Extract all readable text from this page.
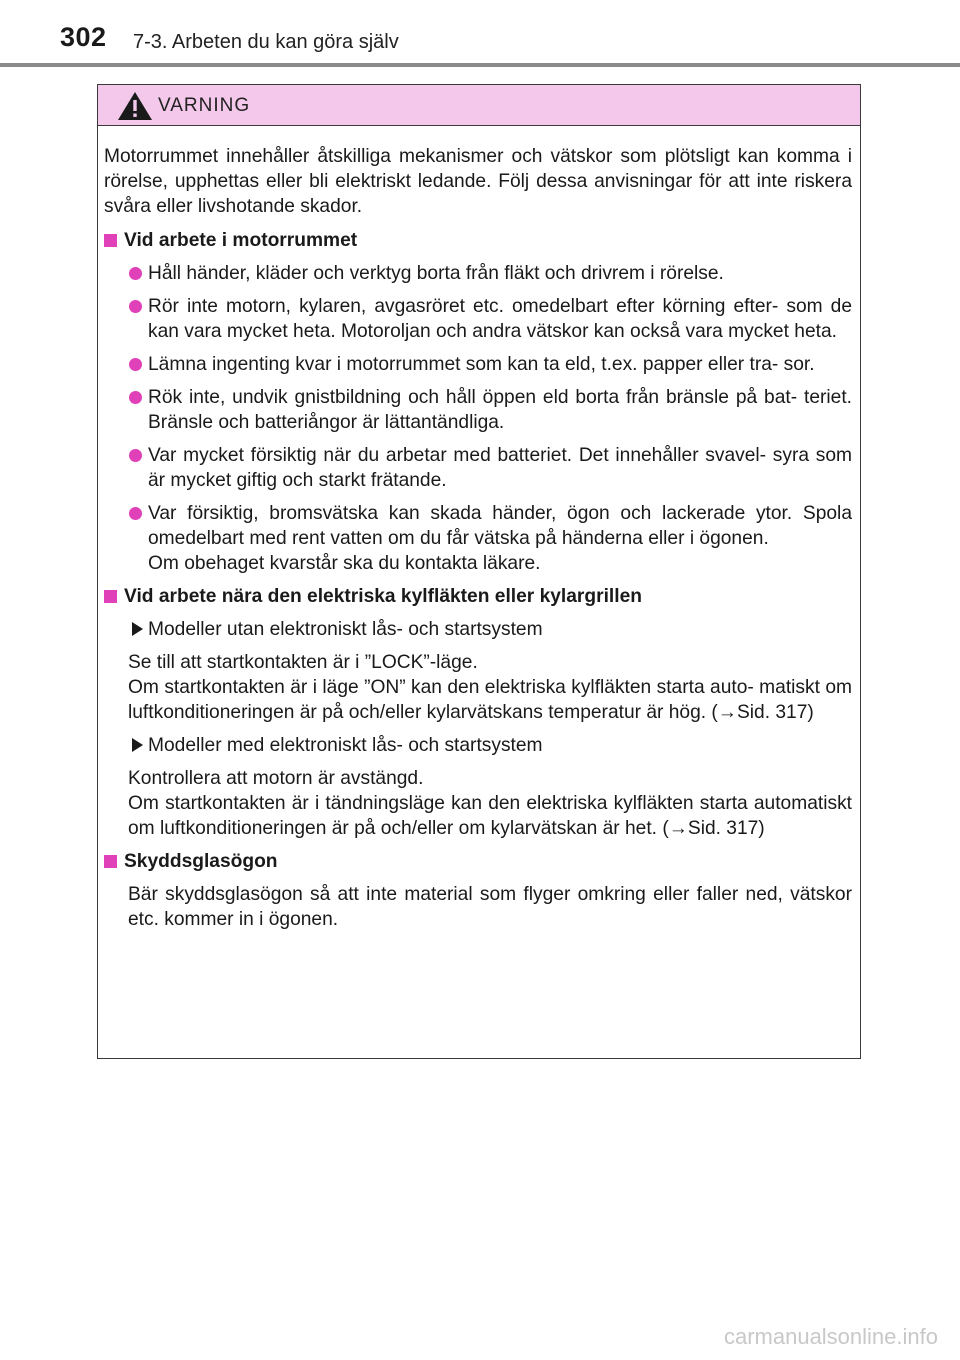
302 7-3. Arbeten du kan göra själv
VARNING

Motorrummet innehåller åtskilliga mekanismer och vätskor som plötsligt kan komma i rörelse, upphettas eller bli elektriskt ledande. Följ dessa anvisningar för att inte riskera svåra eller livshotande skador.

Vid arbete i motorrummet
Håll händer, kläder och verktyg borta från fläkt och drivrem i rörelse.
Rör inte motorn, kylaren, avgasröret etc. omedelbart efter körning efter- som de kan vara mycket heta. Motoroljan och andra vätskor kan också vara mycket heta.
Lämna ingenting kvar i motorrummet som kan ta eld, t.ex. papper eller tra- sor.
Rök inte, undvik gnistbildning och håll öppen eld borta från bränsle på bat- teriet. Bränsle och batteriångor är lättantändliga.
Var mycket försiktig när du arbetar med batteriet. Det innehåller svavel- syra som är mycket giftig och starkt frätande.
Var försiktig, bromsvätska kan skada händer, ögon och lackerade ytor. Spola omedelbart med rent vatten om du får vätska på händerna eller i ögonen.
Om obehaget kvarstår ska du kontakta läkare.
Vid arbete nära den elektriska kylfläkten eller kylargrillen
Modeller utan elektroniskt lås- och startsystem
Se till att startkontakten är i ”LOCK”-läge.
Om startkontakten är i läge ”ON” kan den elektriska kylfläkten starta auto- matiskt om luftkonditioneringen är på och/eller kylarvätskans temperatur är hög. (→Sid. 317)
Modeller med elektroniskt lås- och startsystem
Kontrollera att motorn är avstängd.
Om startkontakten är i tändningsläge kan den elektriska kylfläkten starta automatiskt om luftkonditioneringen är på och/eller om kylarvätskan är het. (→Sid. 317)
Skyddsglasögon
Bär skyddsglasögon så att inte material som flyger omkring eller faller ned, vätskor etc. kommer in i ögonen.
carmanualsonline.info
